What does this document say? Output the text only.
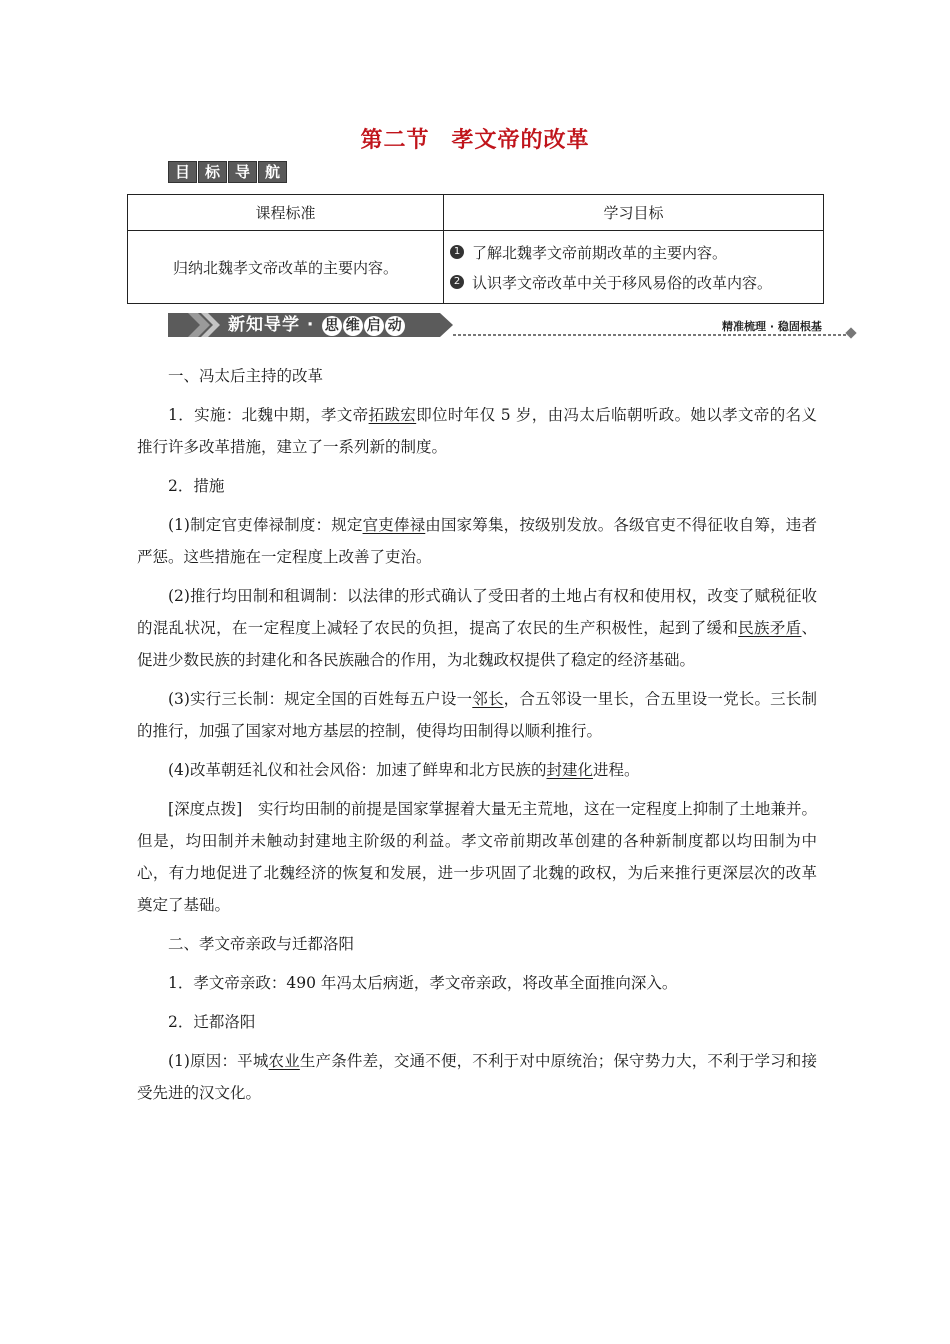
第二节 孝文帝的改革
目 标 导 航
课程标准	学习目标
归纳北魏孝文帝改革的主要内容。	1 了解北魏孝文帝前期改革的主要内容。
2 认识孝文帝改革中关于移风易俗的改革内容。
新知导学 · 思 维 启 动	精准梳理 · 稳固根基

一、冯太后主持的改革

1．实施：北魏中期，孝文帝拓跋宏即位时年仅 5 岁，由冯太后临朝听政。她以孝文帝的名义推行许多改革措施，建立了一系列新的制度。

2．措施

(1)制定官吏俸禄制度：规定官吏俸禄由国家筹集，按级别发放。各级官吏不得征收自筹，违者严惩。这些措施在一定程度上改善了吏治。

(2)推行均田制和租调制：以法律的形式确认了受田者的土地占有权和使用权，改变了赋税征收的混乱状况，在一定程度上减轻了农民的负担，提高了农民的生产积极性，起到了缓和民族矛盾、促进少数民族的封建化和各民族融合的作用，为北魏政权提供了稳定的经济基础。

(3)实行三长制：规定全国的百姓每五户设一邻长，合五邻设一里长，合五里设一党长。三长制的推行，加强了国家对地方基层的控制，使得均田制得以顺利推行。

(4)改革朝廷礼仪和社会风俗：加速了鲜卑和北方民族的封建化进程。

[深度点拨]　实行均田制的前提是国家掌握着大量无主荒地，这在一定程度上抑制了土地兼并。但是，均田制并未触动封建地主阶级的利益。孝文帝前期改革创建的各种新制度都以均田制为中心，有力地促进了北魏经济的恢复和发展，进一步巩固了北魏的政权，为后来推行更深层次的改革奠定了基础。

二、孝文帝亲政与迁都洛阳

1．孝文帝亲政：490 年冯太后病逝，孝文帝亲政，将改革全面推向深入。

2．迁都洛阳

(1)原因：平城农业生产条件差，交通不便，不利于对中原统治；保守势力大，不利于学习和接受先进的汉文化。
